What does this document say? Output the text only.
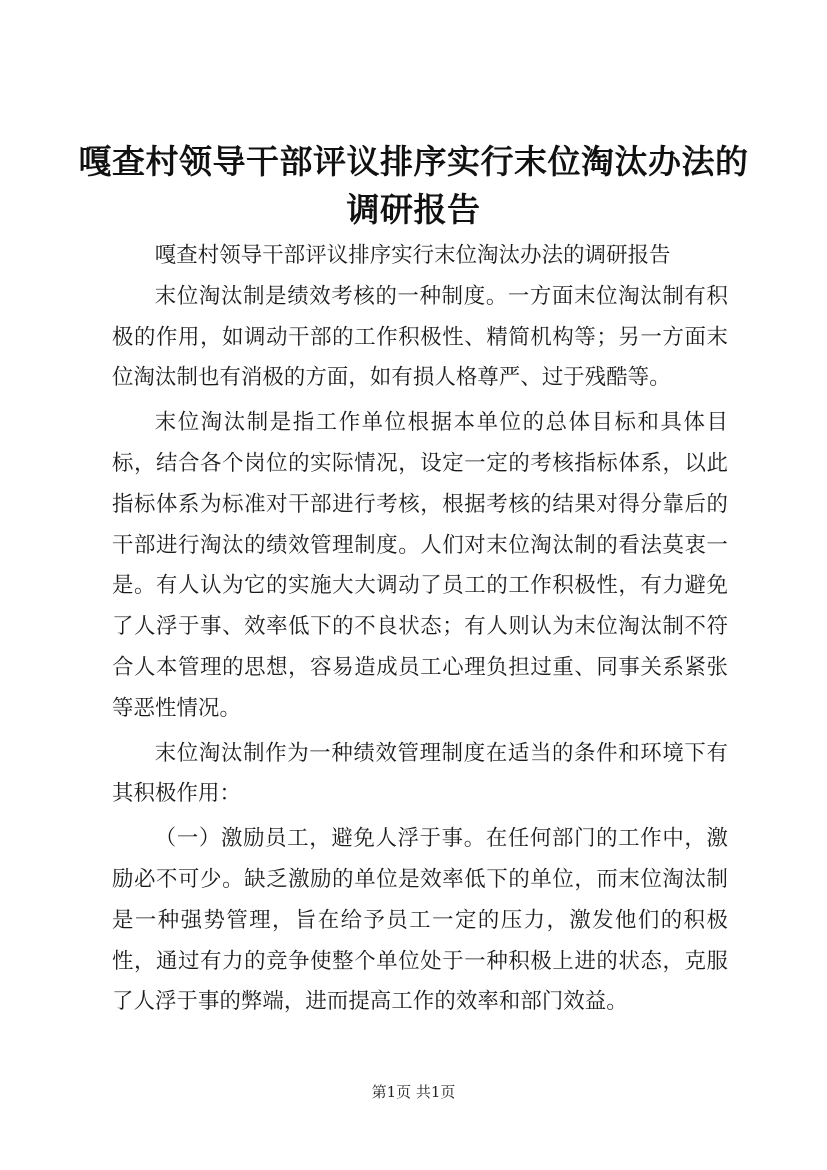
嘎查村领导干部评议排序实行末位淘汰办法的调研报告

嘎查村领导干部评议排序实行末位淘汰办法的调研报告

末位淘汰制是绩效考核的一种制度。一方面末位淘汰制有积极的作用，如调动干部的工作积极性、精简机构等；另一方面末位淘汰制也有消极的方面，如有损人格尊严、过于残酷等。

末位淘汰制是指工作单位根据本单位的总体目标和具体目标，结合各个岗位的实际情况，设定一定的考核指标体系，以此指标体系为标准对干部进行考核，根据考核的结果对得分靠后的干部进行淘汰的绩效管理制度。人们对末位淘汰制的看法莫衷一是。有人认为它的实施大大调动了员工的工作积极性，有力避免了人浮于事、效率低下的不良状态；有人则认为末位淘汰制不符合人本管理的思想，容易造成员工心理负担过重、同事关系紧张等恶性情况。

末位淘汰制作为一种绩效管理制度在适当的条件和环境下有其积极作用：

（一）激励员工，避免人浮于事。在任何部门的工作中，激励必不可少。缺乏激励的单位是效率低下的单位，而末位淘汰制是一种强势管理，旨在给予员工一定的压力，激发他们的积极性，通过有力的竞争使整个单位处于一种积极上进的状态，克服了人浮于事的弊端，进而提高工作的效率和部门效益。

第1页 共1页
